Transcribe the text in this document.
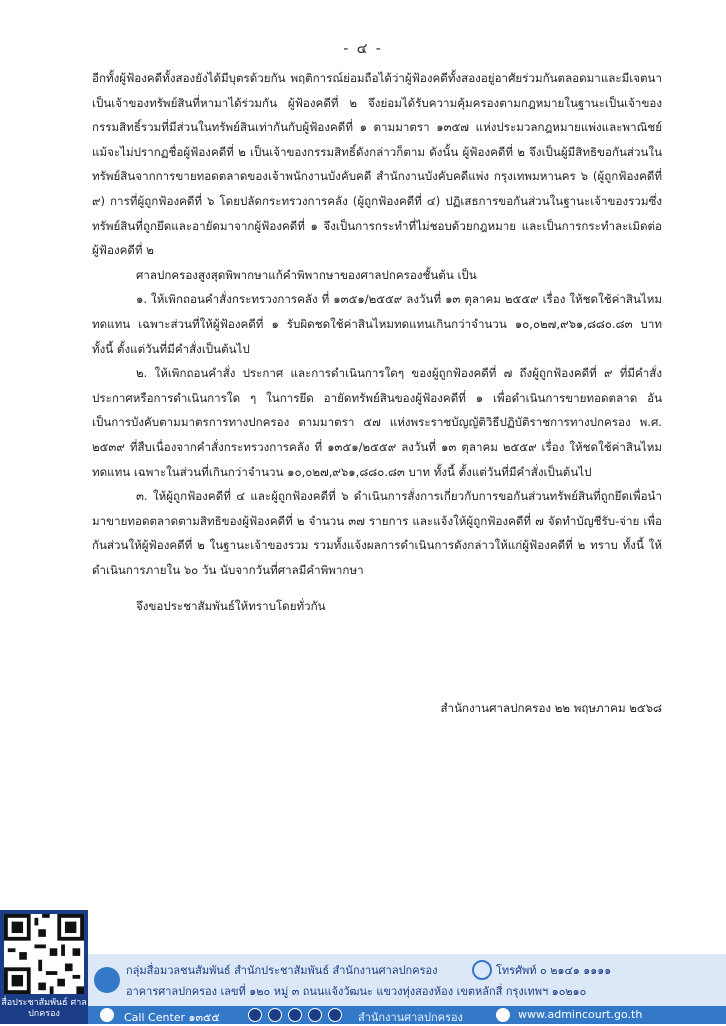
- ๔ -

อีกทั้งผู้ฟ้องคดีทั้งสองยังได้มีบุตรด้วยกัน พฤติการณ์ย่อมถือได้ว่าผู้ฟ้องคดีทั้งสองอยู่อาศัยร่วมกันตลอดมาและมีเจตนาเป็นเจ้าของทรัพย์สินที่หามาได้ร่วมกัน ผู้ฟ้องคดีที่ ๒ จึงย่อมได้รับความคุ้มครองตามกฎหมายในฐานะเป็นเจ้าของกรรมสิทธิ์รวมที่มีส่วนในทรัพย์สินเท่ากันกับผู้ฟ้องคดีที่ ๑ ตามมาตรา ๑๓๕๗ แห่งประมวลกฎหมายแพ่งและพาณิชย์ แม้จะไม่ปรากฏชื่อผู้ฟ้องคดีที่ ๒ เป็นเจ้าของกรรมสิทธิ์ดังกล่าวก็ตาม ดังนั้น ผู้ฟ้องคดีที่ ๒ จึงเป็นผู้มีสิทธิขอกันส่วนในทรัพย์สินจากการขายทอดตลาดของเจ้าพนักงานบังคับคดี สำนักงานบังคับคดีแพ่ง กรุงเทพมหานคร ๖ (ผู้ถูกฟ้องคดีที่ ๙) การที่ผู้ถูกฟ้องคดีที่ ๖ โดยปลัดกระทรวงการคลัง (ผู้ถูกฟ้องคดีที่ ๔) ปฏิเสธการขอกันส่วนในฐานะเจ้าของรวมซึ่งทรัพย์สินที่ถูกยึดและอายัดมาจากผู้ฟ้องคดีที่ ๑ จึงเป็นการกระทำที่ไม่ชอบด้วยกฎหมาย และเป็นการกระทำละเมิดต่อผู้ฟ้องคดีที่ ๒

ศาลปกครองสูงสุดพิพากษาแก้คำพิพากษาของศาลปกครองชั้นต้น เป็น

๑. ให้เพิกถอนคำสั่งกระทรวงการคลัง ที่ ๑๓๕๑/๒๕๕๙ ลงวันที่ ๑๓ ตุลาคม ๒๕๕๙ เรื่อง ให้ชดใช้ค่าสินไหมทดแทน เฉพาะส่วนที่ให้ผู้ฟ้องคดีที่ ๑ รับผิดชดใช้ค่าสินไหมทดแทนเกินกว่าจำนวน ๑๐,๐๒๗,๙๖๑,๘๘๐.๘๓ บาท ทั้งนี้ ตั้งแต่วันที่มีคำสั่งเป็นต้นไป

๒. ให้เพิกถอนคำสั่ง ประกาศ และการดำเนินการใดๆ ของผู้ถูกฟ้องคดีที่ ๗ ถึงผู้ถูกฟ้องคดีที่ ๙ ที่มีคำสั่ง ประกาศหรือการดำเนินการใด ๆ ในการยึด อายัดทรัพย์สินของผู้ฟ้องคดีที่ ๑ เพื่อดำเนินการขายทอดตลาด อันเป็นการบังคับตามมาตรการทางปกครอง ตามมาตรา ๕๗ แห่งพระราชบัญญัติวิธีปฏิบัติราชการทางปกครอง พ.ศ. ๒๕๓๙ ที่สืบเนื่องจากคำสั่งกระทรวงการคลัง ที่ ๑๓๕๑/๒๕๕๙ ลงวันที่ ๑๓ ตุลาคม ๒๕๕๙ เรื่อง ให้ชดใช้ค่าสินไหมทดแทน เฉพาะในส่วนที่เกินกว่าจำนวน ๑๐,๐๒๗,๙๖๑,๘๘๐.๘๓ บาท ทั้งนี้ ตั้งแต่วันที่มีคำสั่งเป็นต้นไป

๓. ให้ผู้ถูกฟ้องคดีที่ ๔ และผู้ถูกฟ้องคดีที่ ๖ ดำเนินการสั่งการเกี่ยวกับการขอกันส่วนทรัพย์สินที่ถูกยึดเพื่อนำมาขายทอดตลาดตามสิทธิของผู้ฟ้องคดีที่ ๒ จำนวน ๓๗ รายการ และแจ้งให้ผู้ถูกฟ้องคดีที่ ๗ จัดทำบัญชีรับ-จ่าย เพื่อกันส่วนให้ผู้ฟ้องคดีที่ ๒ ในฐานะเจ้าของรวม รวมทั้งแจ้งผลการดำเนินการดังกล่าวให้แก่ผู้ฟ้องคดีที่ ๒ ทราบ ทั้งนี้ ให้ดำเนินการภายใน ๖๐ วัน นับจากวันที่ศาลมีคำพิพากษา

จึงขอประชาสัมพันธ์ให้ทราบโดยทั่วกัน

สำนักงานศาลปกครอง ๒๒ พฤษภาคม ๒๕๖๘
สื่อประชาสัมพันธ์ ศาลปกครอง
กลุ่มสื่อมวลชนสัมพันธ์ สำนักประชาสัมพันธ์ สำนักงานศาลปกครอง	โทรศัพท์ ๐ ๒๑๔๑ ๑๑๑๑
อาคารศาลปกครอง เลขที่ ๑๒๐ หมู่ ๓ ถนนแจ้งวัฒนะ แขวงทุ่งสองห้อง เขตหลักสี่ กรุงเทพฯ ๑๐๒๑๐
Call Center ๑๓๕๕	สำนักงานศาลปกครอง	www.admincourt.go.th
